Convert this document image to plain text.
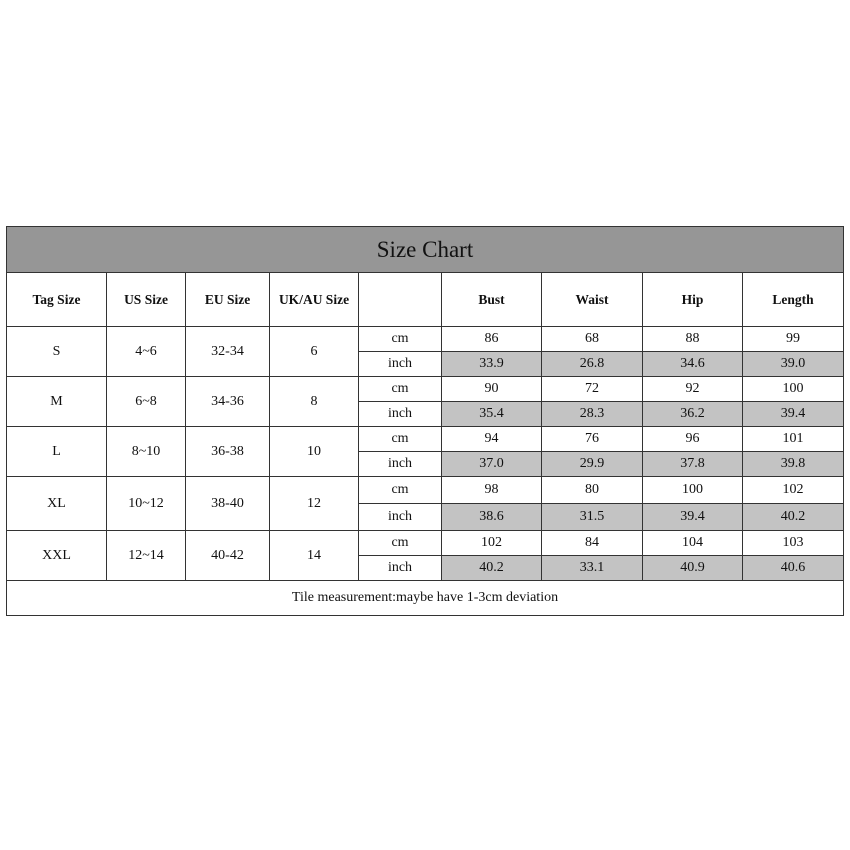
Size Chart								
Tag Size	US Size	EU Size	UK/AU Size		Bust	Waist	Hip	Length
S	4~6	32-34	6	cm	86	68	88	99
				inch	33.9	26.8	34.6	39.0
M	6~8	34-36	8	cm	90	72	92	100
				inch	35.4	28.3	36.2	39.4
L	8~10	36-38	10	cm	94	76	96	101
				inch	37.0	29.9	37.8	39.8
XL	10~12	38-40	12	cm	98	80	100	102
				inch	38.6	31.5	39.4	40.2
XXL	12~14	40-42	14	cm	102	84	104	103
				inch	40.2	33.1	40.9	40.6
Tile measurement:maybe have 1-3cm deviation								
